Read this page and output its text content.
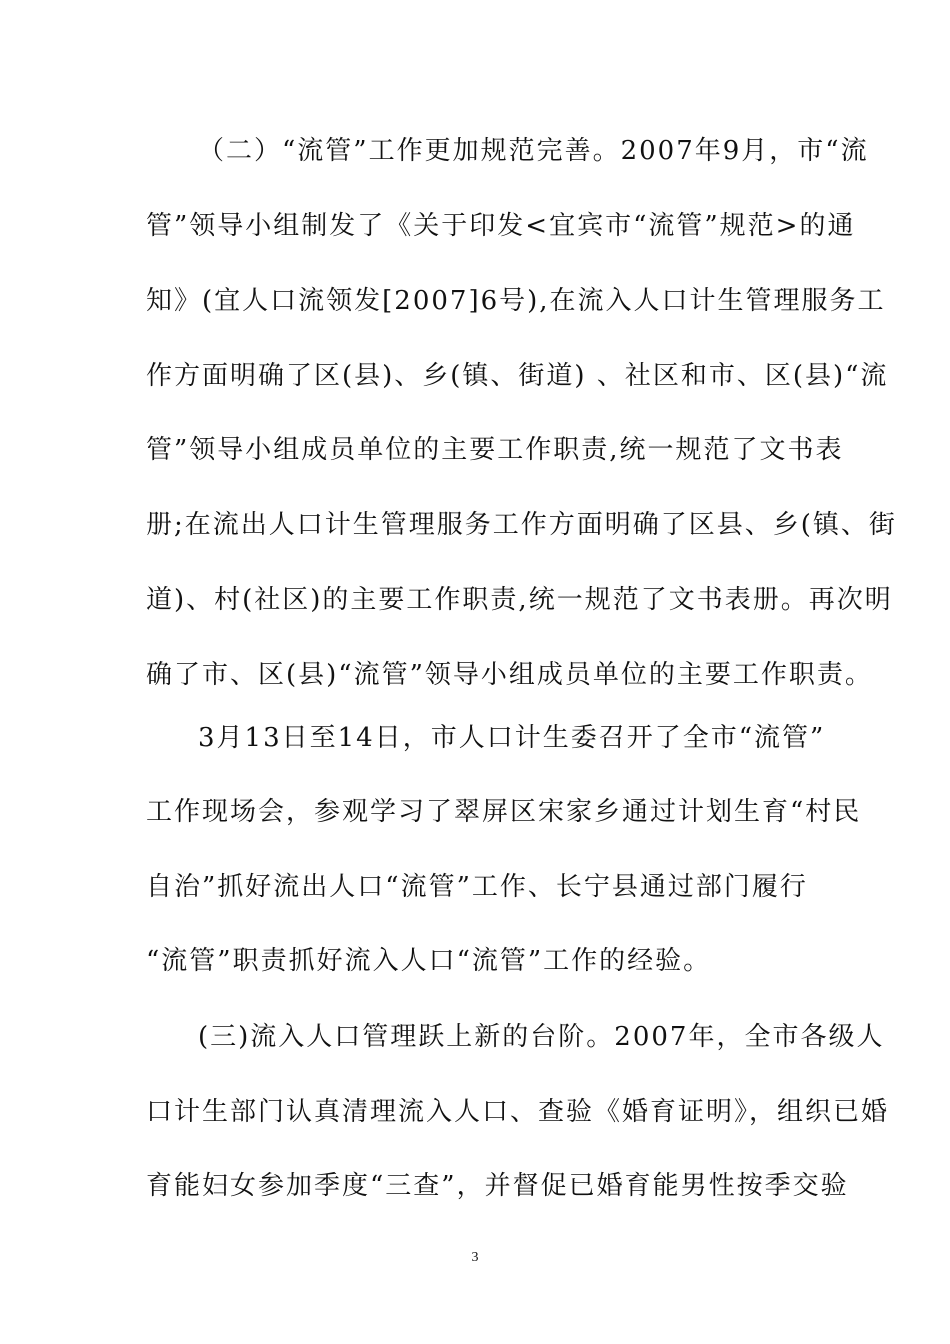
（二）“流管”工作更加规范完善。2007年9月，市“流
管”领导小组制发了《关于印发<宜宾市“流管”规范>的通
知》(宜人口流领发[2007]6号),在流入人口计生管理服务工
作方面明确了区(县)、乡(镇、街道) 、社区和市、区(县)“流
管”领导小组成员单位的主要工作职责,统一规范了文书表
册;在流出人口计生管理服务工作方面明确了区县、乡(镇、街
道)、村(社区)的主要工作职责,统一规范了文书表册。再次明
确了市、区(县)“流管”领导小组成员单位的主要工作职责。
3月13日至14日，市人口计生委召开了全市“流管”
工作现场会，参观学习了翠屏区宋家乡通过计划生育“村民
自治”抓好流出人口“流管”工作、长宁县通过部门履行
“流管”职责抓好流入人口“流管”工作的经验。
(三)流入人口管理跃上新的台阶。2007年，全市各级人
口计生部门认真清理流入人口、查验《婚育证明》，组织已婚
育能妇女参加季度“三查”，并督促已婚育能男性按季交验
3
